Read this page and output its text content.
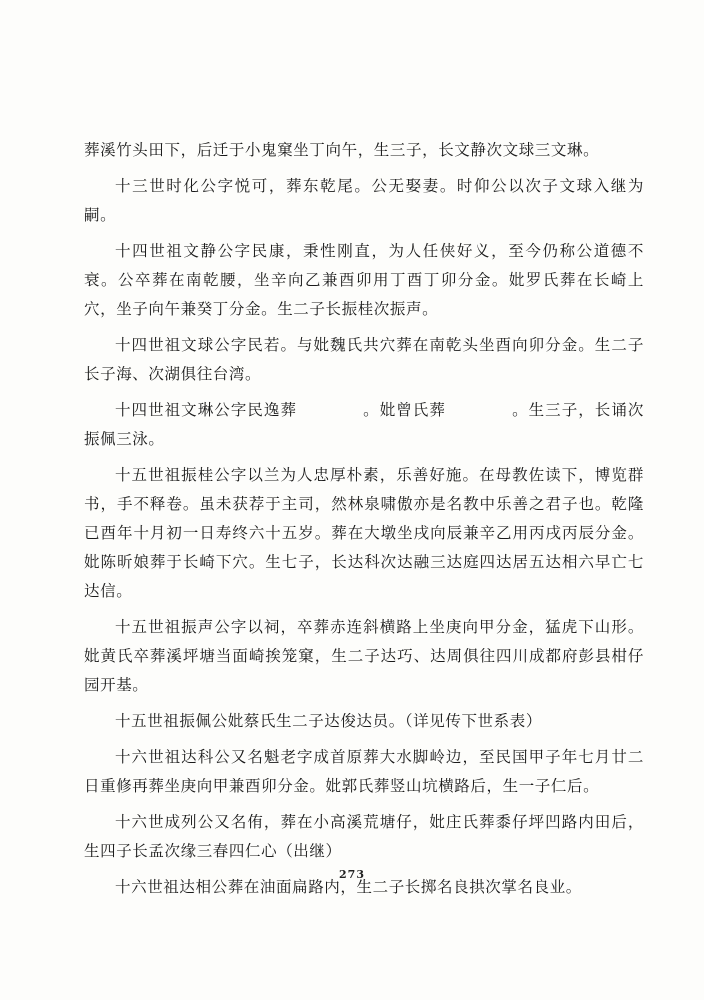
葬溪竹头田下，后迁于小鬼窠坐丁向午，生三子，长文静次文球三文琳。

十三世时化公字悦可，葬东乾尾。公无娶妻。时仰公以次子文球入继为嗣。

十四世祖文静公字民康，秉性刚直，为人任侠好义，至今仍称公道德不衰。公卒葬在南乾腰，坐辛向乙兼酉卯用丁酉丁卯分金。妣罗氏葬在长崎上穴，坐子向午兼癸丁分金。生二子长振桂次振声。

十四世祖文球公字民若。与妣魏氏共穴葬在南乾头坐酉向卯分金。生二子长子海、次湖俱往台湾。

十四世祖文琳公字民逸葬　　　　。妣曾氏葬　　　　。生三子，长诵次振佩三泳。

十五世祖振桂公字以兰为人忠厚朴素，乐善好施。在母教佐读下，博览群书，手不释卷。虽未获荐于主司，然林泉啸傲亦是名教中乐善之君子也。乾隆已酉年十月初一日寿终六十五岁。葬在大墩坐戌向辰兼辛乙用丙戌丙辰分金。妣陈昕娘葬于长崎下穴。生七子，长达科次达融三达庭四达居五达相六早亡七达信。

十五世祖振声公字以祠，卒葬赤连斜横路上坐庚向甲分金，猛虎下山形。妣黄氏卒葬溪坪塘当面崎挨笼窠，生二子达巧、达周俱往四川成都府彭县柑仔园开基。

十五世祖振佩公妣蔡氏生二子达俊达员。（详见传下世系表）

十六世祖达科公又名魁老字成首原葬大水脚岭边，至民国甲子年七月廿二日重修再葬坐庚向甲兼酉卯分金。妣郭氏葬竖山坑横路后，生一子仁后。

十六世成列公又名侑，葬在小高溪荒塘仔，妣庄氏葬黍仔坪凹路内田后，生四子长孟次缘三春四仁心（出继）

十六世祖达相公葬在油面扁路内，生二子长掷名良拱次掌名良业。

273
